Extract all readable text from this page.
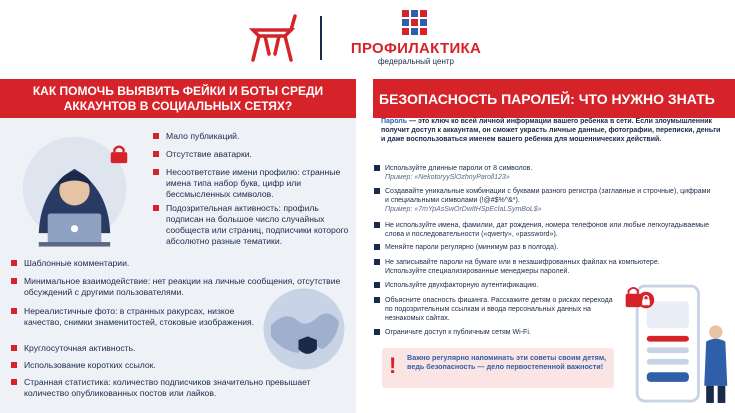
ПРОФИЛАКТИКА
федеральный центр
КАК ПОМОЧЬ ВЫЯВИТЬ ФЕЙКИ И БОТЫ СРЕДИ
АККАУНТОВ В СОЦИАЛЬНЫХ СЕТЯХ?	БЕЗОПАСНОСТЬ ПАРОЛЕЙ: ЧТО НУЖНО ЗНАТЬ
Мало публикаций.
Отсутствие аватарки.
Несоответствие имени профилю: странные имена типа набор букв, цифр или бессмысленных символов.
Подозрительная активность: профиль подписан на большое число случайных сообществ или страниц, подписчики которого абсолютно разные тематики.
Шаблонные комментарии.
Минимальное взаимодействие: нет реакции на личные сообщения, отсутствие обсуждений с другими пользователями.
Нереалистичные фото: в странных ракурсах, низкое качество, снимки знаменитостей, стоковые изображения.
Круглосуточная активность.
Использование коротких ссылок.
Странная статистика: количество подписчиков значительно превышает количество опубликованных постов или лайков.
Пароль — это ключ ко всей личной информации вашего ребенка в сети. Если злоумышленник получит доступ к аккаунтам, он сможет украсть личные данные, фотографии, переписки, деньги и даже воспользоваться именем вашего ребенка для мошеннических действий.
Используйте длинные пароли от 8 символов.
Пример: «NekotoryySlOzhnyParoll123»
Создавайте уникальные комбинации с буквами разного регистра (заглавные и строчные), цифрами и специальными символами (!@#$%^&*).
Пример: «7mYpAsSwOrDwItHSpEcIaLSymBoL$»
Не используйте имена, фамилии, дат рождения, номера телефонов или любые легкоугадываемые слова и последовательности («qwerty», «password»).
Меняйте пароли регулярно (минимум раз в полгода).
Не записывайте пароли на бумаге или в незашифрованных файлах на компьютере. Используйте специализированные менеджеры паролей.
Используйте двухфакторную аутентификацию.
Объясните опасность фишинга. Расскажите детям о рисках перехода по подозрительным ссылкам и ввода персональных данных на незнакомых сайтах.
Ограничьте доступ к публичным сетям Wi-Fi.
!	Важно регулярно напоминать эти советы своим детям, ведь безопасность — дело первостепенной важности!
